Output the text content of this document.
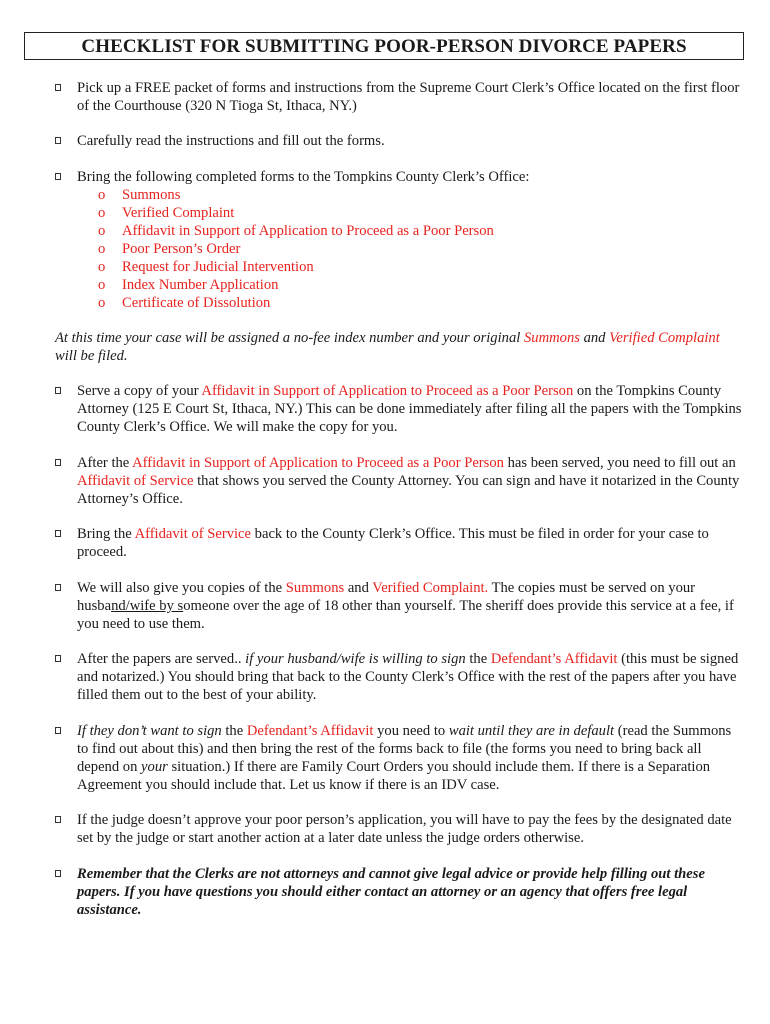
CHECKLIST FOR SUBMITTING POOR-PERSON DIVORCE PAPERS
Pick up a FREE packet of forms and instructions from the Supreme Court Clerk’s Office located on the first floor of the Courthouse (320 N Tioga St, Ithaca, NY.)
Carefully read the instructions and fill out the forms.
Bring the following completed forms to the Tompkins County Clerk’s Office:
o Summons
o Verified Complaint
o Affidavit in Support of Application to Proceed as a Poor Person
o Poor Person’s Order
o Request for Judicial Intervention
o Index Number Application
o Certificate of Dissolution
At this time your case will be assigned a no-fee index number and your original Summons and Verified Complaint will be filed.
Serve a copy of your Affidavit in Support of Application to Proceed as a Poor Person on the Tompkins County Attorney (125 E Court St, Ithaca, NY.) This can be done immediately after filing all the papers with the Tompkins County Clerk’s Office. We will make the copy for you.
After the Affidavit in Support of Application to Proceed as a Poor Person has been served, you need to fill out an Affidavit of Service that shows you served the County Attorney. You can sign and have it notarized in the County Attorney’s Office.
Bring the Affidavit of Service back to the County Clerk’s Office. This must be filed in order for your case to proceed.
We will also give you copies of the Summons and Verified Complaint. The copies must be served on your husband/wife by someone over the age of 18 other than yourself. The sheriff does provide this service at a fee, if you need to use them.
After the papers are served.. if your husband/wife is willing to sign the Defendant’s Affidavit (this must be signed and notarized.) You should bring that back to the County Clerk’s Office with the rest of the papers after you have filled them out to the best of your ability.
If they don’t want to sign the Defendant’s Affidavit you need to wait until they are in default (read the Summons to find out about this) and then bring the rest of the forms back to file (the forms you need to bring back all depend on your situation.) If there are Family Court Orders you should include them. If there is a Separation Agreement you should include that. Let us know if there is an IDV case.
If the judge doesn’t approve your poor person’s application, you will have to pay the fees by the designated date set by the judge or start another action at a later date unless the judge orders otherwise.
Remember that the Clerks are not attorneys and cannot give legal advice or provide help filling out these papers. If you have questions you should either contact an attorney or an agency that offers free legal assistance.
